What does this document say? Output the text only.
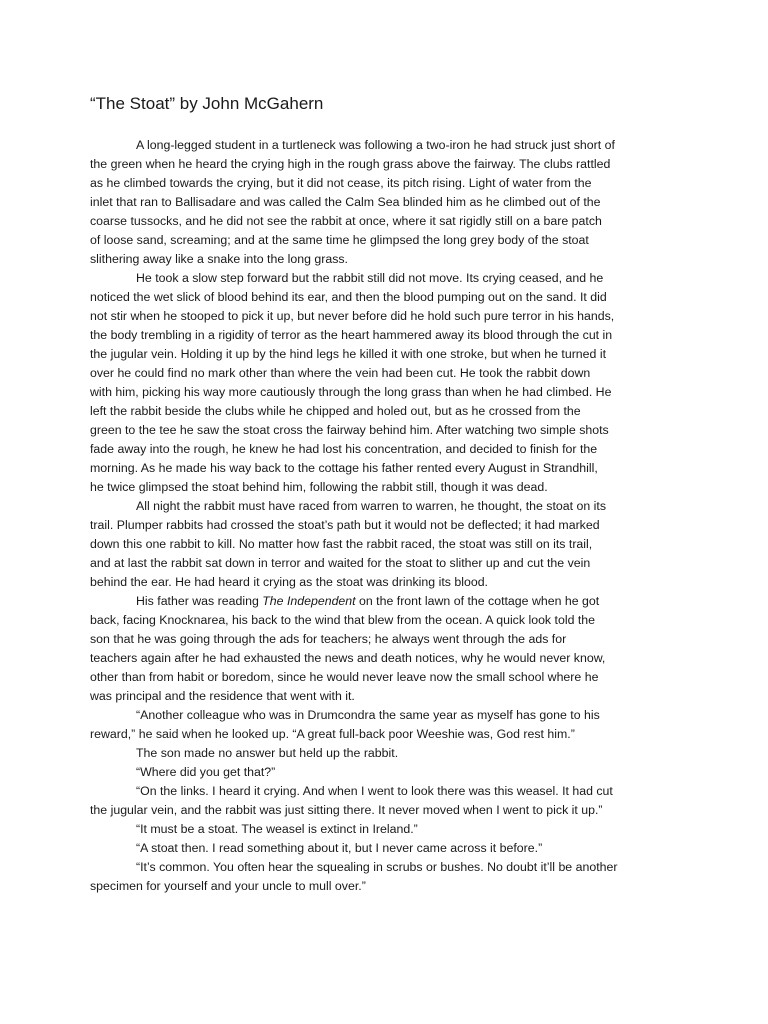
“The Stoat” by John McGahern
A long-legged student in a turtleneck was following a two-iron he had struck just short of
the green when he heard the crying high in the rough grass above the fairway. The clubs rattled
as he climbed towards the crying, but it did not cease, its pitch rising. Light of water from the
inlet that ran to Ballisadare and was called the Calm Sea blinded him as he climbed out of the
coarse tussocks, and he did not see the rabbit at once, where it sat rigidly still on a bare patch
of loose sand, screaming; and at the same time he glimpsed the long grey body of the stoat
slithering away like a snake into the long grass.
He took a slow step forward but the rabbit still did not move. Its crying ceased, and he
noticed the wet slick of blood behind its ear, and then the blood pumping out on the sand. It did
not stir when he stooped to pick it up, but never before did he hold such pure terror in his hands,
the body trembling in a rigidity of terror as the heart hammered away its blood through the cut in
the jugular vein. Holding it up by the hind legs he killed it with one stroke, but when he turned it
over he could find no mark other than where the vein had been cut. He took the rabbit down
with him, picking his way more cautiously through the long grass than when he had climbed. He
left the rabbit beside the clubs while he chipped and holed out, but as he crossed from the
green to the tee he saw the stoat cross the fairway behind him. After watching two simple shots
fade away into the rough, he knew he had lost his concentration, and decided to finish for the
morning. As he made his way back to the cottage his father rented every August in Strandhill,
he twice glimpsed the stoat behind him, following the rabbit still, though it was dead.
All night the rabbit must have raced from warren to warren, he thought, the stoat on its
trail. Plumper rabbits had crossed the stoat’s path but it would not be deflected; it had marked
down this one rabbit to kill. No matter how fast the rabbit raced, the stoat was still on its trail,
and at last the rabbit sat down in terror and waited for the stoat to slither up and cut the vein
behind the ear. He had heard it crying as the stoat was drinking its blood.
His father was reading The Independent on the front lawn of the cottage when he got
back, facing Knocknarea, his back to the wind that blew from the ocean. A quick look told the
son that he was going through the ads for teachers; he always went through the ads for
teachers again after he had exhausted the news and death notices, why he would never know,
other than from habit or boredom, since he would never leave now the small school where he
was principal and the residence that went with it.
“Another colleague who was in Drumcondra the same year as myself has gone to his
reward,” he said when he looked up. “A great full-back poor Weeshie was, God rest him.”
The son made no answer but held up the rabbit.
“Where did you get that?”
“On the links. I heard it crying. And when I went to look there was this weasel. It had cut
the jugular vein, and the rabbit was just sitting there. It never moved when I went to pick it up.”
“It must be a stoat. The weasel is extinct in Ireland.”
“A stoat then. I read something about it, but I never came across it before.”
“It’s common. You often hear the squealing in scrubs or bushes. No doubt it’ll be another
specimen for yourself and your uncle to mull over.”
